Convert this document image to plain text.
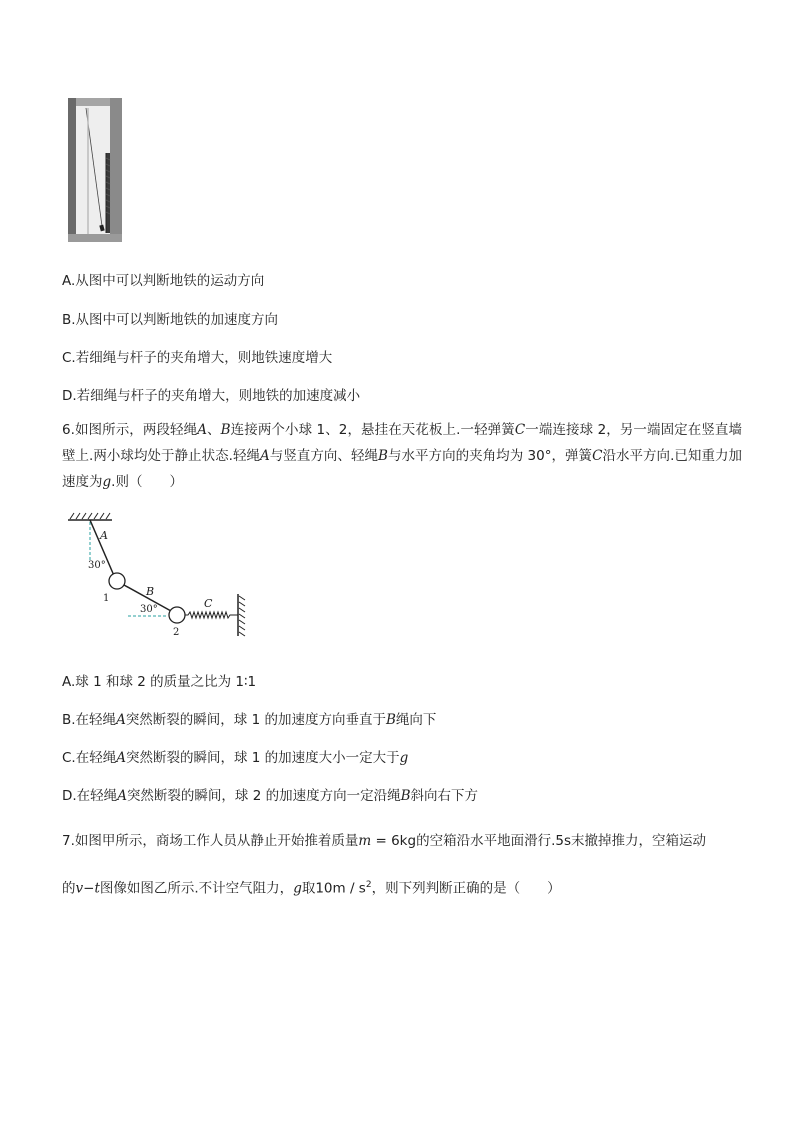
A.从图中可以判断地铁的运动方向
B.从图中可以判断地铁的加速度方向
C.若细绳与杆子的夹角增大，则地铁速度增大
D.若细绳与杆子的夹角增大，则地铁的加速度减小
6.如图所示，两段轻绳A、B连接两个小球 1、2，悬挂在天花板上.一轻弹簧C一端连接球 2，另一端固定在竖直墙壁上.两小球均处于静止状态.轻绳A与竖直方向、轻绳B与水平方向的夹角均为 30°，弹簧C沿水平方向.已知重力加速度为g.则（　　）
A
30°
1
B
30°
2
C
A.球 1 和球 2 的质量之比为 1∶1
B.在轻绳A突然断裂的瞬间，球 1 的加速度方向垂直于B绳向下
C.在轻绳A突然断裂的瞬间，球 1 的加速度大小一定大于g
D.在轻绳A突然断裂的瞬间，球 2 的加速度方向一定沿绳B斜向右下方
7.如图甲所示，商场工作人员从静止开始推着质量m = 6kg的空箱沿水平地面滑行.5s末撤掉推力，空箱运动
的v−t图像如图乙所示.不计空气阻力，g取$10m / s^2$，则下列判断正确的是（　　）
